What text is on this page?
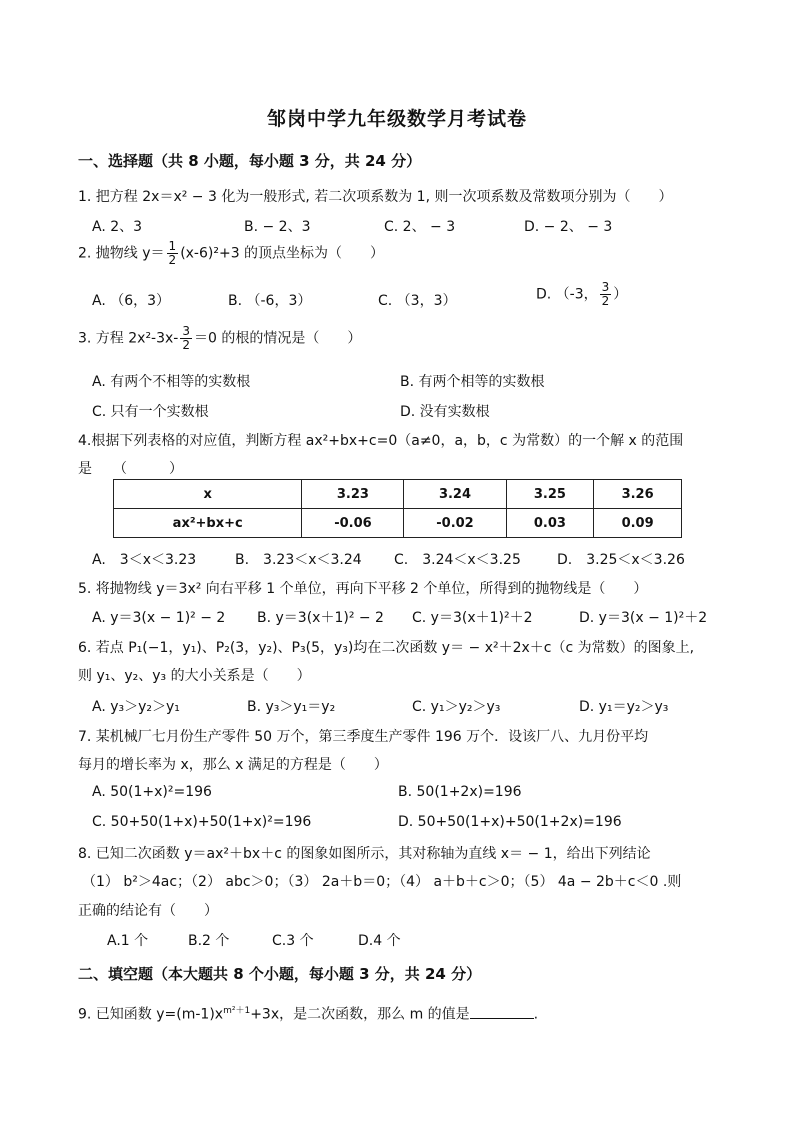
邹岗中学九年级数学月考试卷
一、选择题（共 8 小题，每小题 3 分，共 24 分）
1. 把方程 2x＝x² − 3 化为一般形式, 若二次项系数为 1, 则一次项系数及常数项分别为（　　）
A. 2、3	B. − 2、3	C. 2、 − 3	D. − 2、 − 3
2. 抛物线 $y= \frac{1}{2} (x-6)^2+3$ 的顶点坐标为（　　）
A. （6，3）	B. （-6，3）	C. （3，3）	D. （-3， $\frac{3}{2}$ ）
3. 方程 $2x^2-3x- \frac{3}{2} =0$ 的根的情况是（　　）
A. 有两个不相等的实数根	B. 有两个相等的实数根
C. 只有一个实数根	D. 没有实数根
4.根据下列表格的对应值，判断方程 ax²+bx+c=0（a≠0，a，b，c 为常数）的一个解 x 的范围
是　　（　　　）
x	3.23	3.24	3.25	3.26
ax²+bx+c	-0.06	-0.02	0.03	0.09
A.　3＜x＜3.23	B.　3.23＜x＜3.24 C.　3.24＜x＜3.25	D.　3.25＜x＜3.26
5. 将抛物线 y＝3x² 向右平移 1 个单位，再向下平移 2 个单位，所得到的抛物线是（　　）
A. y＝3(x − 1)² − 2 B. y＝3(x＋1)² − 2 C. y＝3(x＋1)²＋2	D. y＝3(x − 1)²＋2
6. 若点 P₁(−1，y₁)、P₂(3，y₂)、P₃(5，y₃)均在二次函数 y＝ − x²＋2x＋c（c 为常数）的图象上,
则 y₁、y₂、y₃ 的大小关系是（　　）
A. y₃＞y₂＞y₁	B. y₃＞y₁＝y₂	C. y₁＞y₂＞y₃	D. y₁＝y₂＞y₃
7. 某机械厂七月份生产零件 50 万个，第三季度生产零件 196 万个．设该厂八、九月份平均
每月的增长率为 x，那么 x 满足的方程是（　　）
A. 50(1+x)²=196	B. 50(1+2x)=196
C. 50+50(1+x)+50(1+x)²=196	D. 50+50(1+x)+50(1+2x)=196
8. 已知二次函数 y＝ax²＋bx＋c 的图象如图所示，其对称轴为直线 x＝ − 1，给出下列结论
（1） b²＞4ac；（2） abc＞0；（3） 2a＋b＝0；（4） a＋b＋c＞0；（5） 4a − 2b＋c＜0 .则
正确的结论有（　　）
A.1 个	B.2 个	C.3 个	D.4 个
二、填空题（本大题共 8 个小题，每小题 3 分，共 24 分）
9. 已知函数 $y=(m-1)x^{m^2+1}+3x$，是二次函数，那么 m 的值是	.
